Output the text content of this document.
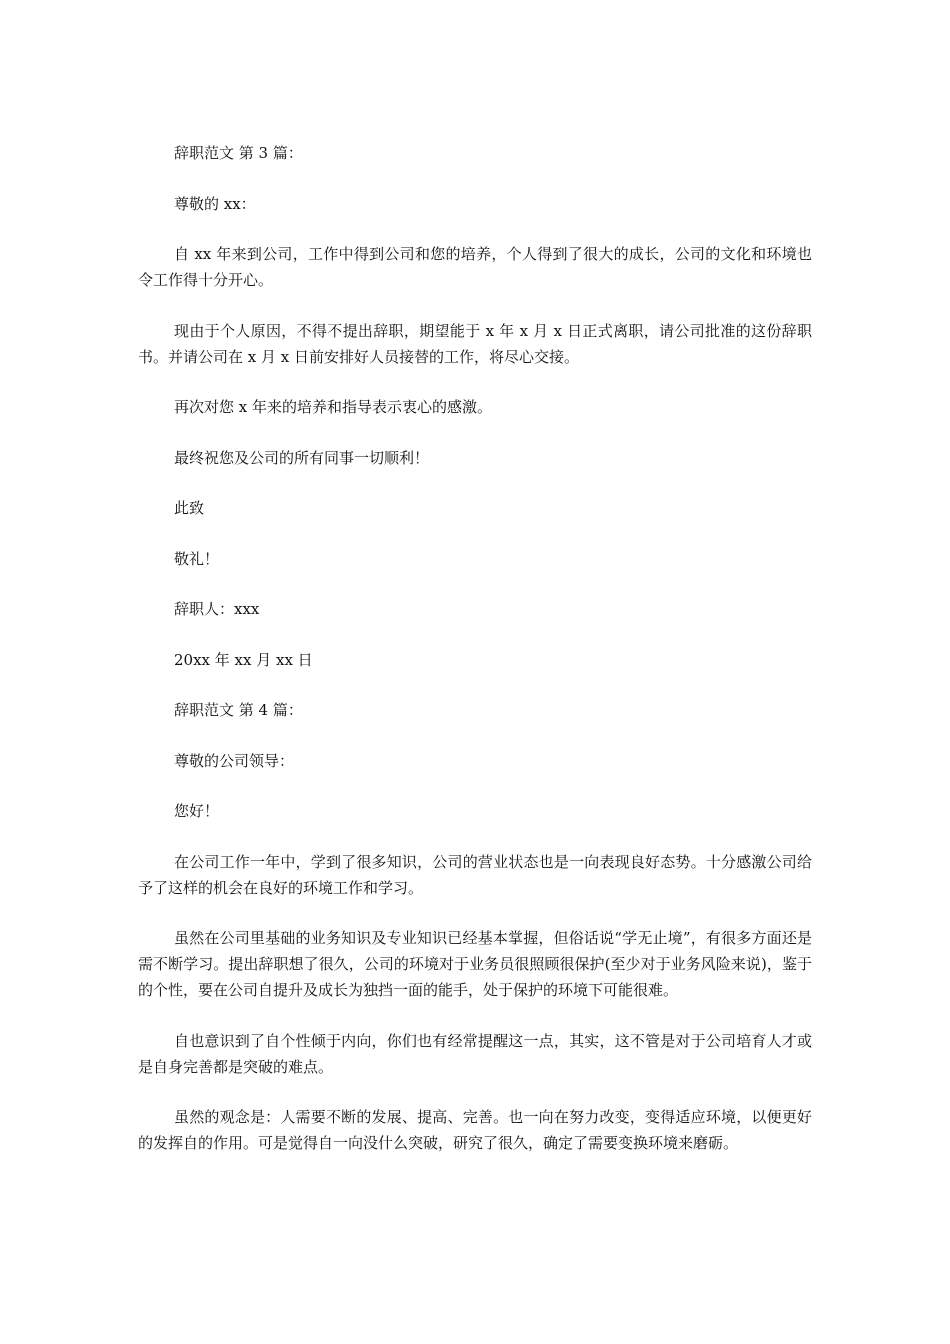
辞职范文 第 3 篇：

尊敬的 xx：

自 xx 年来到公司，工作中得到公司和您的培养，个人得到了很大的成长，公司的文化和环境也令工作得十分开心。

现由于个人原因，不得不提出辞职，期望能于 x 年 x 月 x 日正式离职，请公司批准的这份辞职书。并请公司在 x 月 x 日前安排好人员接替的工作，将尽心交接。

再次对您 x 年来的培养和指导表示衷心的感激。

最终祝您及公司的所有同事一切顺利！

此致

敬礼！

辞职人：xxx

20xx 年 xx 月 xx 日

辞职范文 第 4 篇：

尊敬的公司领导：

您好！

在公司工作一年中，学到了很多知识，公司的营业状态也是一向表现良好态势。十分感激公司给予了这样的机会在良好的环境工作和学习。

虽然在公司里基础的业务知识及专业知识已经基本掌握，但俗话说“学无止境”，有很多方面还是需不断学习。提出辞职想了很久，公司的环境对于业务员很照顾很保护(至少对于业务风险来说)，鉴于的个性，要在公司自提升及成长为独挡一面的能手，处于保护的环境下可能很难。

自也意识到了自个性倾于内向，你们也有经常提醒这一点，其实，这不管是对于公司培育人才或是自身完善都是突破的难点。

虽然的观念是：人需要不断的发展、提高、完善。也一向在努力改变，变得适应环境，以便更好的发挥自的作用。可是觉得自一向没什么突破，研究了很久，确定了需要变换环境来磨砺。
